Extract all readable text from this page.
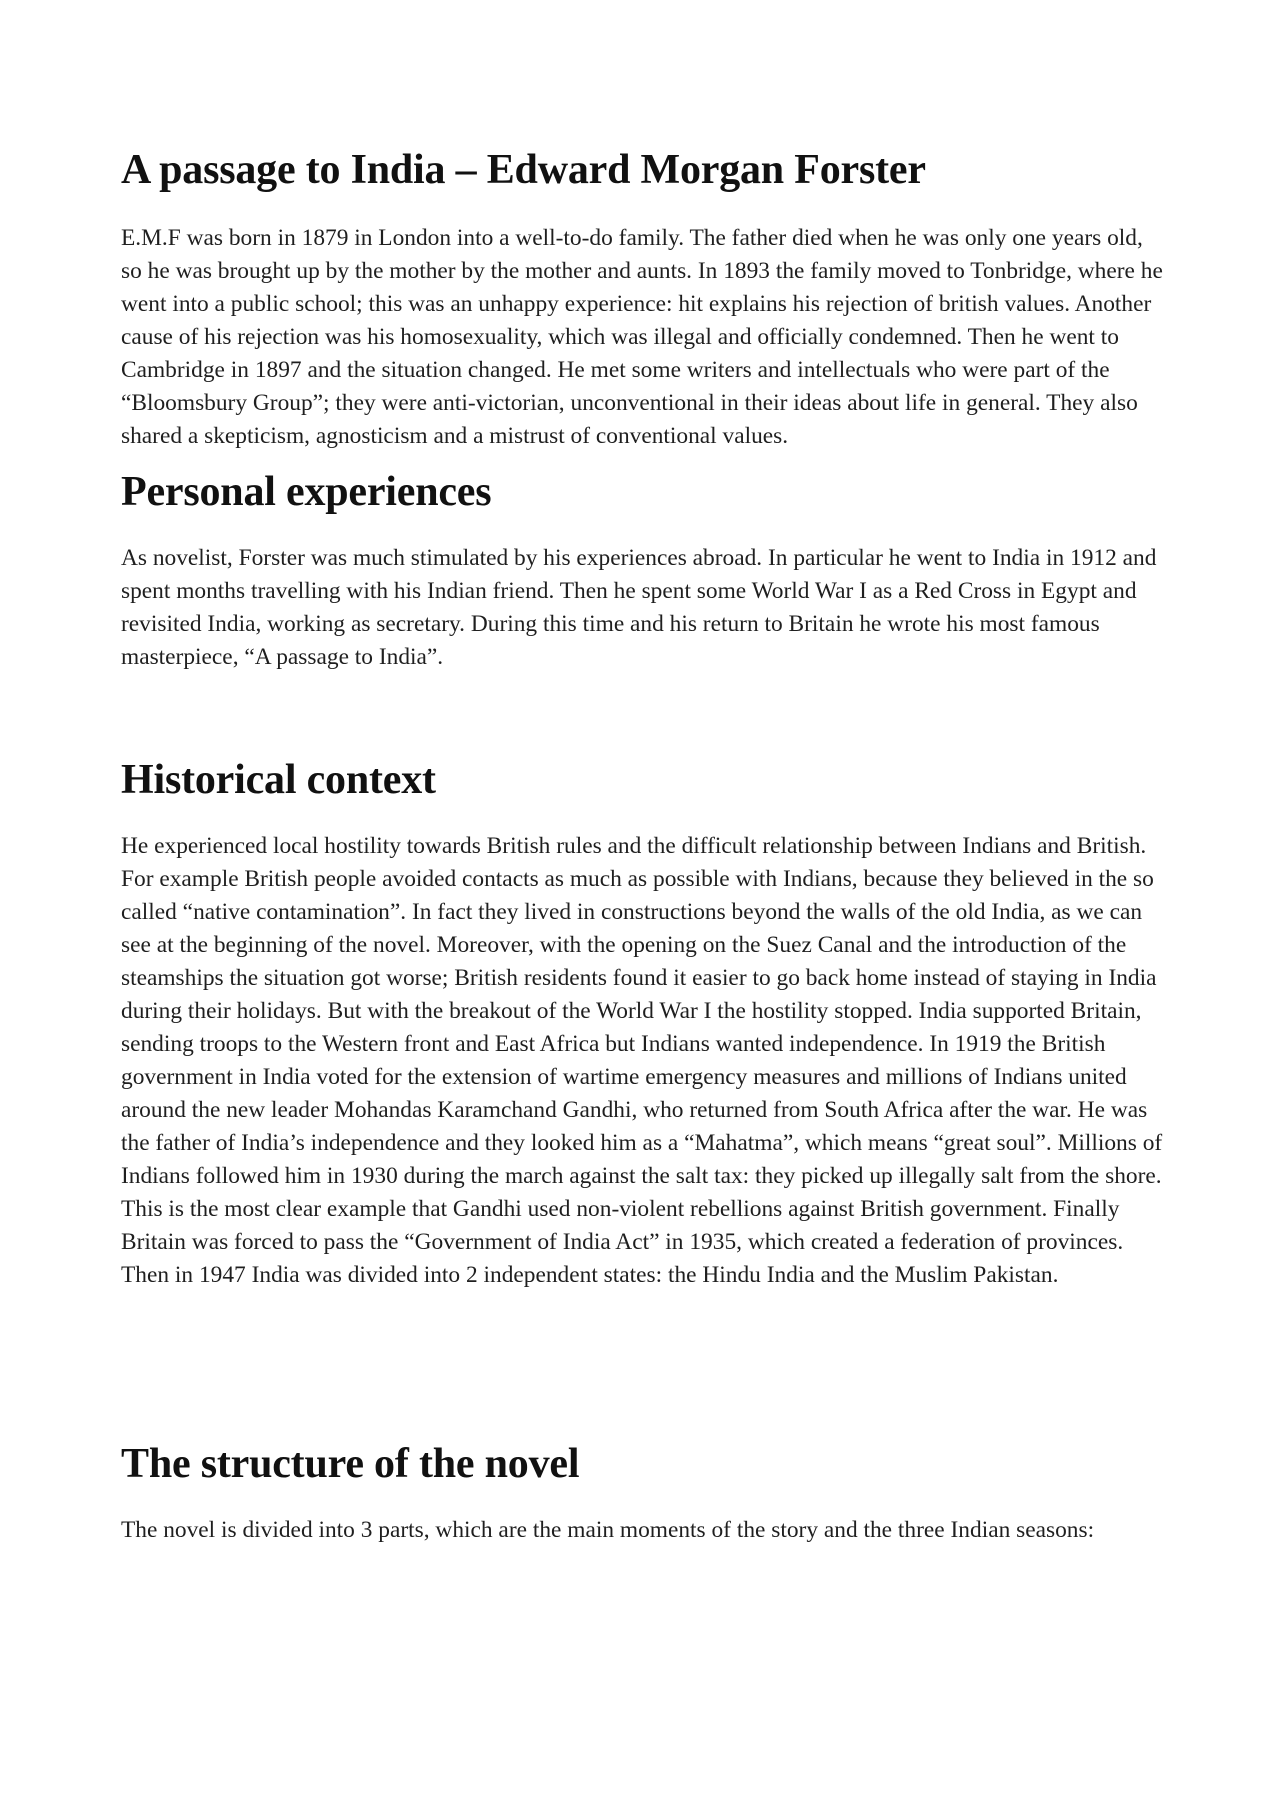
A passage to India – Edward Morgan Forster

E.M.F was born in 1879 in London into a well-to-do family. The father died when he was only one years old, so he was brought up by the mother by the mother and aunts. In 1893 the family moved to Tonbridge, where he went into a public school; this was an unhappy experience: hit explains his rejection of british values. Another cause of his rejection was his homosexuality, which was illegal and officially condemned. Then he went to Cambridge in 1897 and the situation changed. He met some writers and intellectuals who were part of the “Bloomsbury Group”; they were anti-victorian, unconventional in their ideas about life in general. They also shared a skepticism, agnosticism and a mistrust of conventional values.

Personal experiences

As novelist, Forster was much stimulated by his experiences abroad. In particular he went to India in 1912 and spent months travelling with his Indian friend. Then he spent some World War I as a Red Cross in Egypt and revisited India, working as secretary. During this time and his return to Britain he wrote his most famous masterpiece, “A passage to India”.

Historical context

He experienced local hostility towards British rules and the difficult relationship between Indians and British. For example British people avoided contacts as much as possible with Indians, because they believed in the so called “native contamination”. In fact they lived in constructions beyond the walls of the old India, as we can see at the beginning of the novel. Moreover, with the opening on the Suez Canal and the introduction of the steamships the situation got worse; British residents found it easier to go back home instead of staying in India during their holidays. But with the breakout of the World War I the hostility stopped. India supported Britain, sending troops to the Western front and East Africa but Indians wanted independence. In 1919 the British government in India voted for the extension of wartime emergency measures and millions of Indians united around the new leader Mohandas Karamchand Gandhi, who returned from South Africa after the war. He was the father of India’s independence and they looked him as a “Mahatma”, which means “great soul”. Millions of Indians followed him in 1930 during the march against the salt tax: they picked up illegally salt from the shore. This is the most clear example that Gandhi used non-violent rebellions against British government. Finally Britain was forced to pass the “Government of India Act” in 1935, which created a federation of provinces. Then in 1947 India was divided into 2 independent states: the Hindu India and the Muslim Pakistan.

The structure of the novel

The novel is divided into 3 parts, which are the main moments of the story and the three Indian seasons:
